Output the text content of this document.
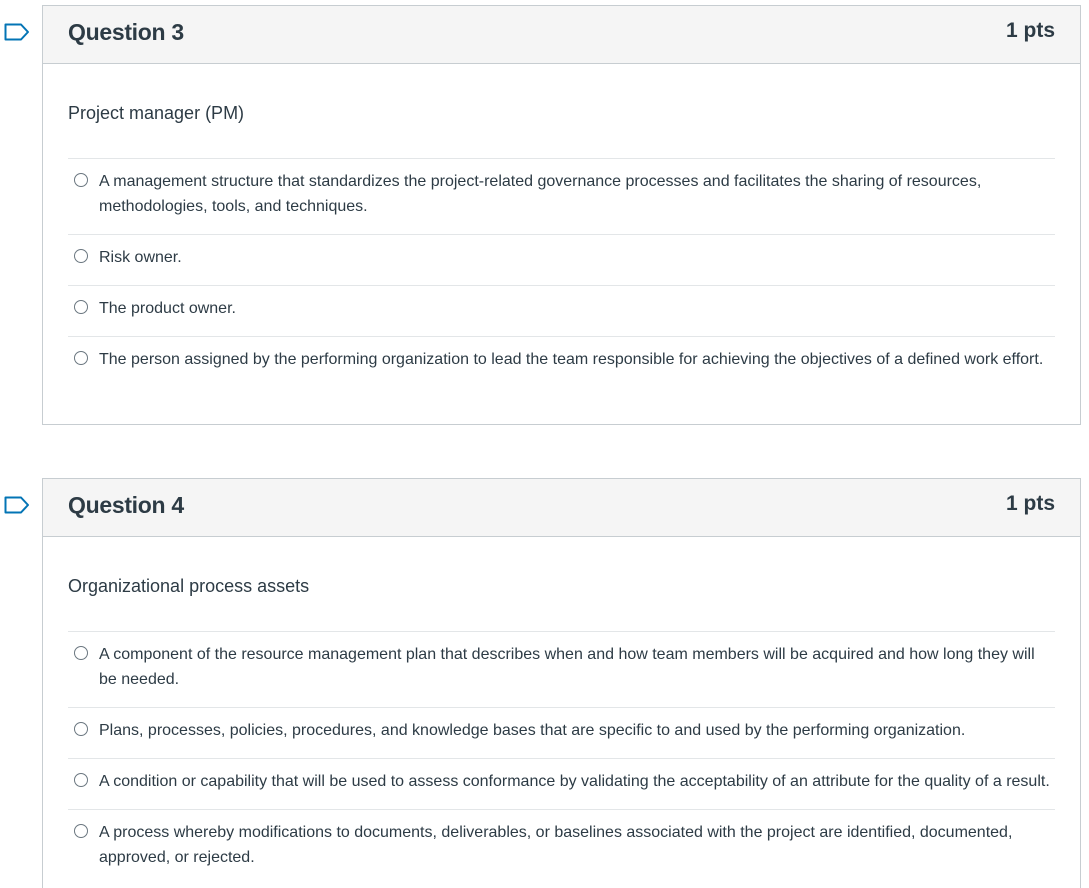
Question 3	1 pts
Project manager (PM)
A management structure that standardizes the project-related governance processes and facilitates the sharing of resources, methodologies, tools, and techniques.
Risk owner.
The product owner.
The person assigned by the performing organization to lead the team responsible for achieving the objectives of a defined work effort.
Question 4	1 pts
Organizational process assets
A component of the resource management plan that describes when and how team members will be acquired and how long they will be needed.
Plans, processes, policies, procedures, and knowledge bases that are specific to and used by the performing organization.
A condition or capability that will be used to assess conformance by validating the acceptability of an attribute for the quality of a result.
A process whereby modifications to documents, deliverables, or baselines associated with the project are identified, documented, approved, or rejected.
